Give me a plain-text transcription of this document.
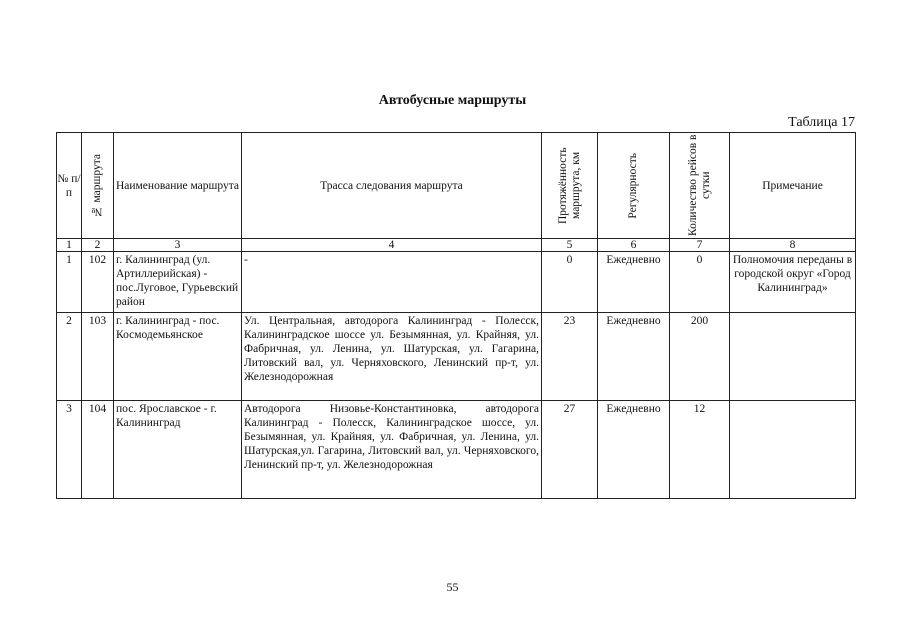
Автобусные маршруты
Таблица 17
№ п/п	№ маршрута	Наименование маршрута	Трасса следования маршрута	Протяжённость маршрута, км	Регулярность	Количество рейсов в сутки	Примечание
1	2	3	4	5	6	7	8
1	102	г. Калининград (ул. Артиллерийская) - пос.Луговое, Гурьевский район	-	0	Ежедневно	0	Полномочия переданы в городской округ «Город Калининград»
2	103	г. Калининград - пос. Космодемьянское	Ул. Центральная, автодорога Калининград - Полесск, Калининградское шоссе ул. Безымянная, ул. Крайняя, ул. Фабричная, ул. Ленина, ул. Шатурская, ул. Гагарина, Литовский вал, ул. Черняховского, Ленинский пр-т, ул. Железнодорожная	23	Ежедневно	200	
3	104	пос. Ярославское - г. Калининград	Автодорога Низовье-Константиновка, автодорога Калининград - Полесск, Калининградское шоссе, ул. Безымянная, ул. Крайняя, ул. Фабричная, ул. Ленина, ул. Шатурская,ул. Гагарина, Литовский вал, ул. Черняховского, Ленинский пр-т, ул. Железнодорожная	27	Ежедневно	12	
55
